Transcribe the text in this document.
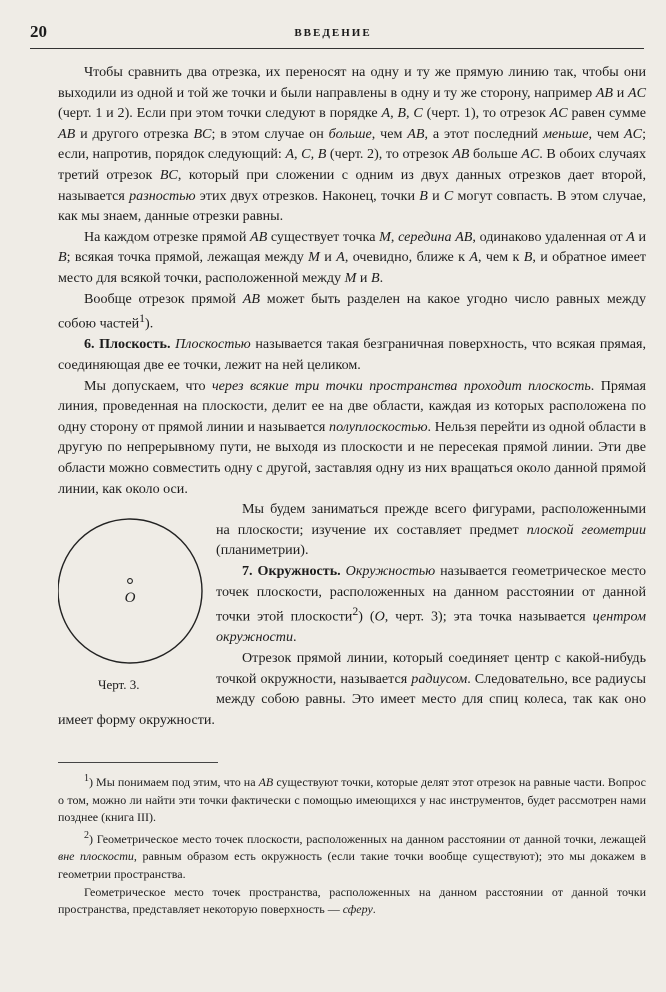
20	ВВЕДЕНИЕ

Чтобы сравнить два отрезка, их переносят на одну и ту же прямую линию так, чтобы они выходили из одной и той же точки и были направлены в одну и ту же сторону, например AB и AC (черт. 1 и 2). Если при этом точки следуют в порядке A, B, C (черт. 1), то отрезок AC равен сумме AB и другого отрезка BC; в этом случае он больше, чем AB, а этот последний меньше, чем AC; если, напротив, порядок следующий: A, C, B (черт. 2), то отрезок AB больше AC. В обоих случаях третий отрезок BC, который при сложении с одним из двух данных отрезков дает второй, называется разностью этих двух отрезков. Наконец, точки B и C могут совпасть. В этом случае, как мы знаем, данные отрезки равны.

На каждом отрезке прямой AB существует точка M, середина AB, одинаково удаленная от A и B; всякая точка прямой, лежащая между M и A, очевидно, ближе к A, чем к B, и обратное имеет место для всякой точки, расположенной между M и B.

Вообще отрезок прямой AB может быть разделен на какое угодно число равных между собою частей$^1$).

6. Плоскость. Плоскостью называется такая безграничная поверхность, что всякая прямая, соединяющая две ее точки, лежит на ней целиком.

Мы допускаем, что через всякие три точки пространства проходит плоскость. Прямая линия, проведенная на плоскости, делит ее на две области, каждая из которых расположена по одну сторону от прямой линии и называется полуплоскостью. Нельзя перейти из одной области в другую по непрерывному пути, не выходя из плоскости и не пересекая прямой линии. Эти две области можно совместить одну с другой, заставляя одну из них вращаться около данной прямой линии, как около оси.

O
Черт. 3.

Мы будем заниматься прежде всего фигурами, расположенными на плоскости; изучение их составляет предмет плоской геометрии (планиметрии).

7. Окружность. Окружностью называется геометрическое место точек плоскости, расположенных на данном расстоянии от данной точки этой плоскости$^2$) (O, черт. 3); эта точка называется центром окружности.

Отрезок прямой линии, который соединяет центр с какой-нибудь точкой окружности, называется радиусом. Следовательно, все радиусы между собою равны. Это имеет место для спиц колеса, так как оно имеет форму окружности.

$^1$) Мы понимаем под этим, что на AB существуют точки, которые делят этот отрезок на равные части. Вопрос о том, можно ли найти эти точки фактически с помощью имеющихся у нас инструментов, будет рассмотрен нами позднее (книга III).

$^2$) Геометрическое место точек плоскости, расположенных на данном расстоянии от данной точки, лежащей вне плоскости, равным образом есть окружность (если такие точки вообще существуют); это мы докажем в геометрии пространства.

Геометрическое место точек пространства, расположенных на данном расстоянии от данной точки пространства, представляет некоторую поверхность — сферу.
